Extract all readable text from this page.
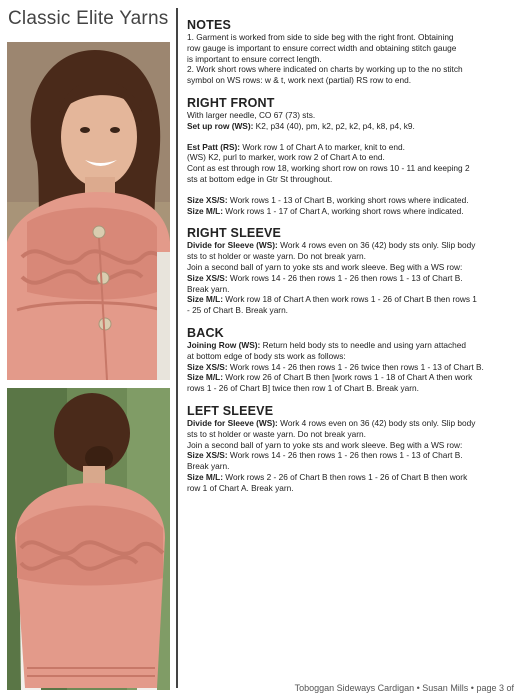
Classic Elite Yarns NOTES
1. Garment is worked from side to side beg with the right front. Obtaining
row gauge is important to ensure correct width and obtaining stitch gauge
is important to ensure correct length.
2. Work short rows where indicated on charts by working up to the no stitch
symbol on WS rows: w & t, work next (partial) RS row to end.
RIGHT FRONT
With larger needle, CO 67 (73) sts.
Set up row (WS): K2, p34 (40), pm, k2, p2, k2, p4, k8, p4, k9.
Est Patt (RS): Work row 1 of Chart A to marker, knit to end.
(WS) K2, purl to marker, work row 2 of Chart A to end.
Cont as est through row 18, working short row on rows 10 - 11 and keeping 2
sts at bottom edge in Gtr St throughout.
Size XS/S: Work rows 1 - 13 of Chart B, working short rows where indicated.
Size M/L: Work rows 1 - 17 of Chart A, working short rows where indicated.
RIGHT SLEEVE
Divide for Sleeve (WS): Work 4 rows even on 36 (42) body sts only. Slip body
sts to st holder or waste yarn. Do not break yarn.
Join a second ball of yarn to yoke sts and work sleeve. Beg with a WS row:
Size XS/S: Work rows 14 - 26 then rows 1 - 26 then rows 1 - 13 of Chart B.
Break yarn.
Size M/L: Work row 18 of Chart A then work rows 1 - 26 of Chart B then rows 1
- 25 of Chart B. Break yarn.
BACK
Joining Row (WS): Return held body sts to needle and using yarn attached
at bottom edge of body sts work as follows:
Size XS/S: Work rows 14 - 26 then rows 1 - 26 twice then rows 1 - 13 of Chart B.
Size M/L: Work row 26 of Chart B then [work rows 1 - 18 of Chart A then work
rows 1 - 26 of Chart B] twice then row 1 of Chart B. Break yarn.
LEFT SLEEVE
Divide for Sleeve (WS): Work 4 rows even on 36 (42) body sts only. Slip body
sts to st holder or waste yarn. Do not break yarn.
Join a second ball of yarn to yoke sts and work sleeve. Beg with a WS row:
Size XS/S: Work rows 14 - 26 then rows 1 - 26 then rows 1 - 13 of Chart B.
Break yarn.
Size M/L: Work rows 2 - 26 of Chart B then rows 1 - 26 of Chart B then work
row 1 of Chart A. Break yarn.
Toboggan Sideways Cardigan • Susan Mills • page 3 of
